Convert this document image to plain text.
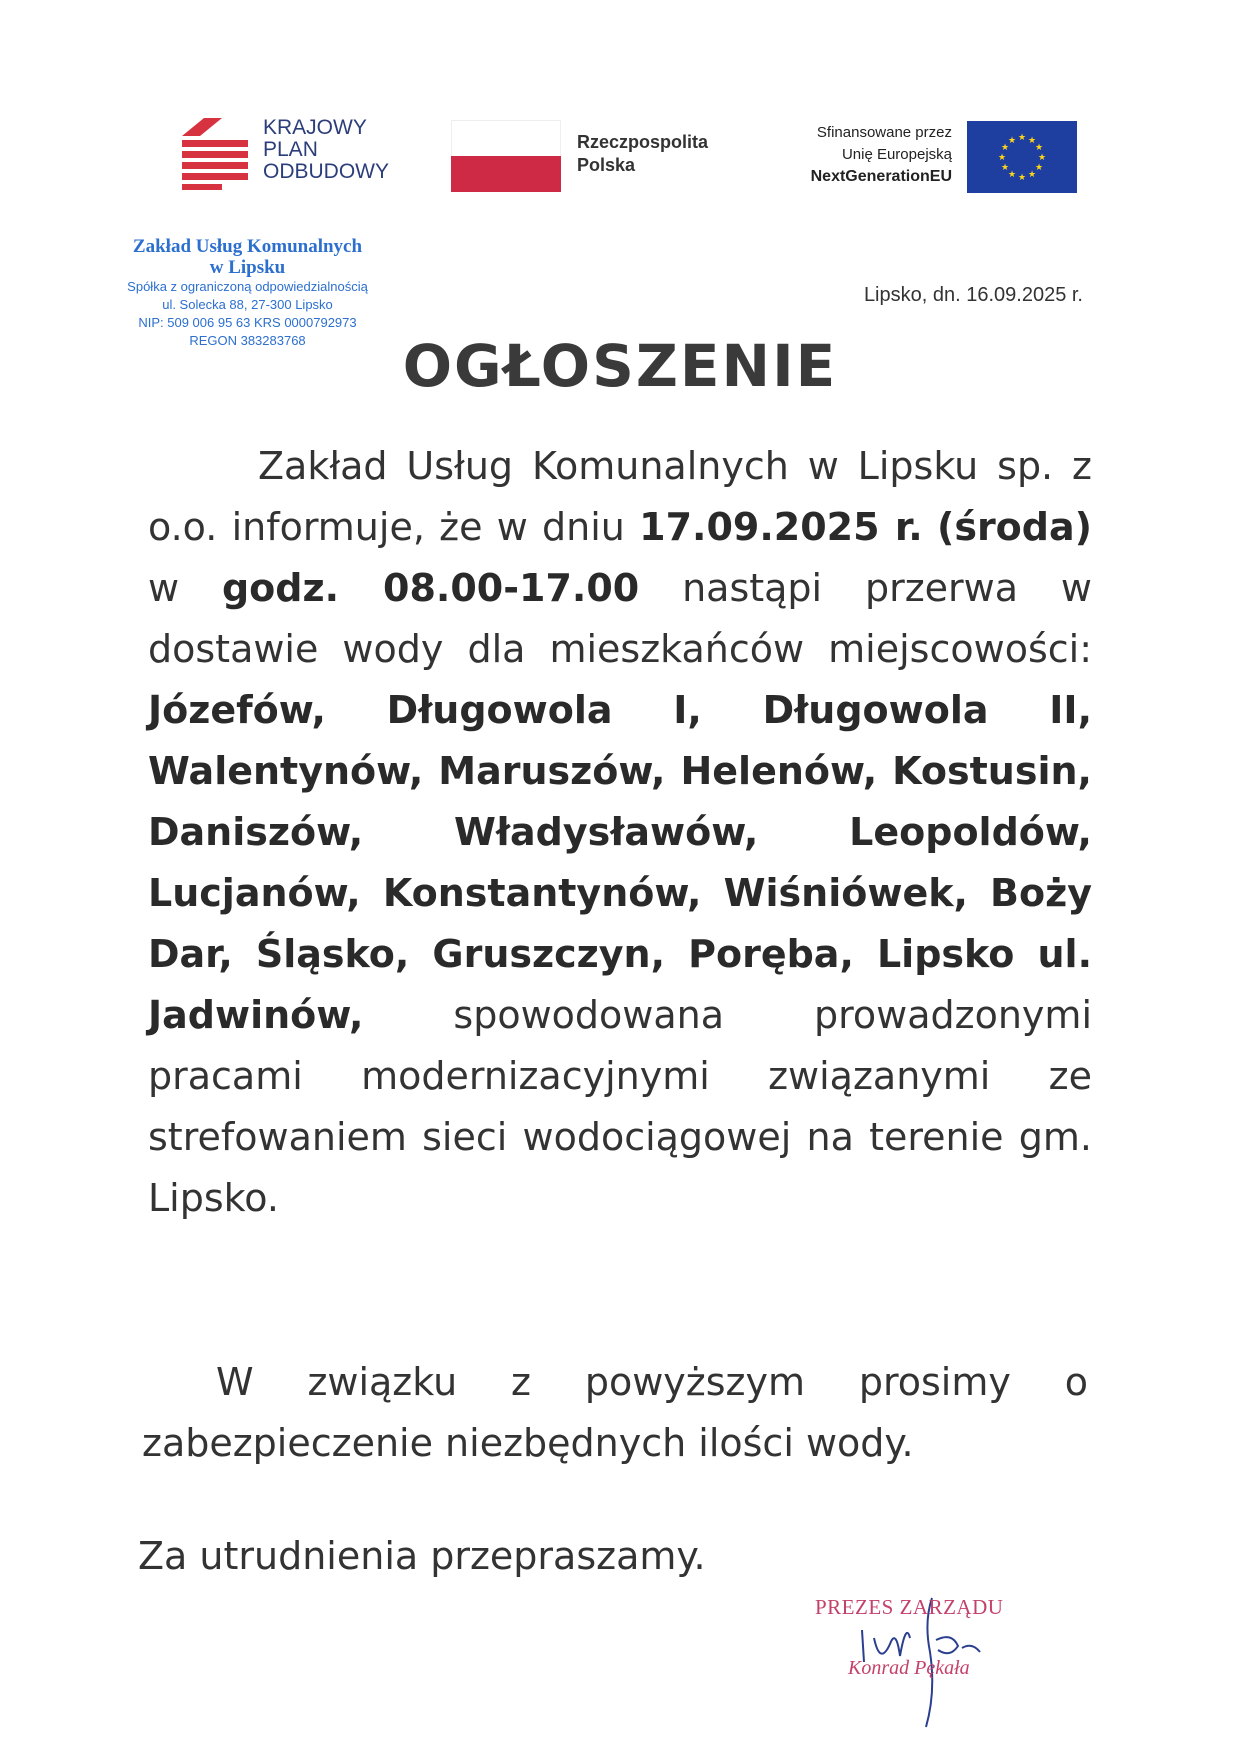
KRAJOWY
PLAN
ODBUDOWY
Rzeczpospolita
Polska
Sfinansowane przez
Unię Europejską
NextGenerationEU
★ ★
★
★
★
★
★
★
★
★
★
★
Zakład Usług Komunalnych
w Lipsku
Spółka z ograniczoną odpowiedzialnością
ul. Solecka 88, 27-300 Lipsko
NIP: 509 006 95 63 KRS 0000792973
REGON 383283768
Lipsko, dn. 16.09.2025 r.
OGŁOSZENIE
Zakład Usług Komunalnych w Lipsku sp. z o.o. informuje, że w dniu 17.09.2025 r. (środa) w godz. 08.00-17.00 nastąpi przerwa w dostawie wody dla mieszkańców miejscowości: Józefów, Długowola I, Długowola II, Walentynów, Maruszów, Helenów, Kostusin, Daniszów, Władysławów, Leopoldów, Lucjanów, Konstantynów, Wiśniówek, Boży Dar, Śląsko, Gruszczyn, Poręba, Lipsko ul. Jadwinów, spowodowana prowadzonymi pracami modernizacyjnymi związanymi ze strefowaniem sieci wodociągowej na terenie gm. Lipsko.
W związku z powyższym prosimy o zabezpieczenie niezbędnych ilości wody.
Za utrudnienia przepraszamy.
PREZES ZARZĄDU
Konrad Pękała
